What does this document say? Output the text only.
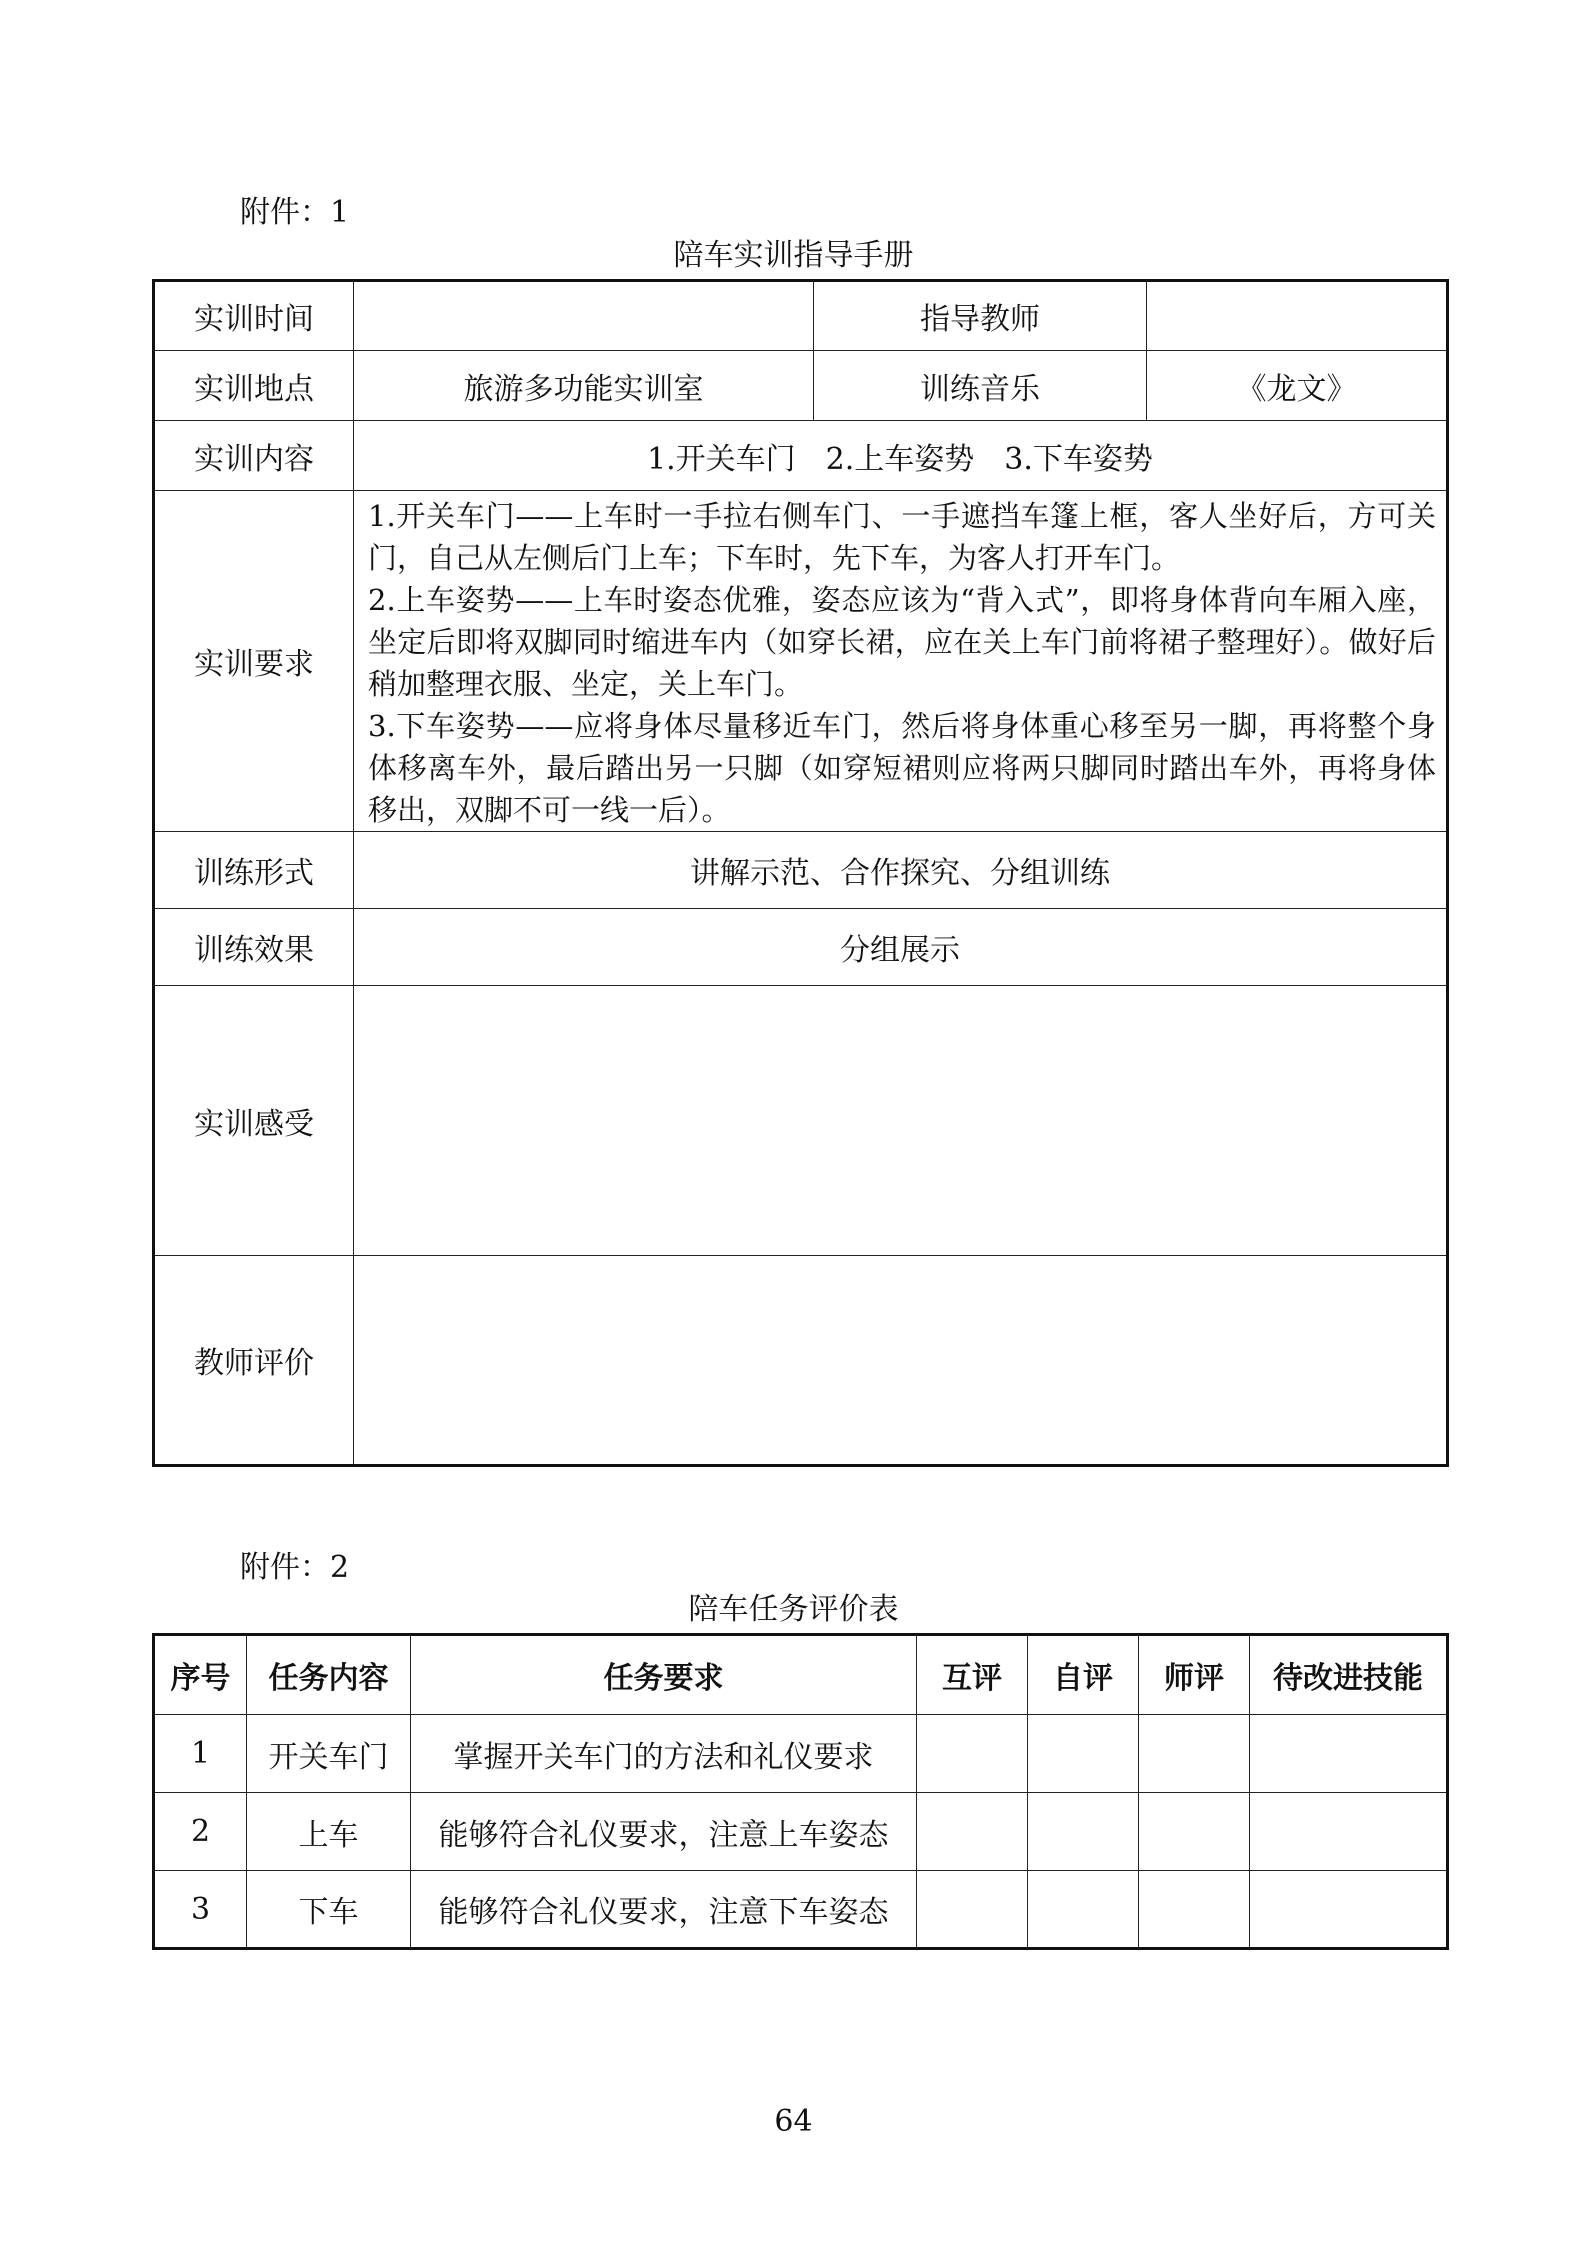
附件：1
陪车实训指导手册
实训时间		指导教师	
实训地点	旅游多功能实训室	训练音乐	《龙文》
实训内容	1.开关车门　2.上车姿势　3.下车姿势		
实训要求	1.开关车门——上车时一手拉右侧车门、一手遮挡车篷上框，客人坐好后，方可关门，自己从左侧后门上车；下车时，先下车，为客人打开车门。

2.上车姿势——上车时姿态优雅，姿态应该为“背入式”，即将身体背向车厢入座，坐定后即将双脚同时缩进车内（如穿长裙，应在关上车门前将裙子整理好）。做好后稍加整理衣服、坐定，关上车门。

3.下车姿势——应将身体尽量移近车门，然后将身体重心移至另一脚，再将整个身体移离车外，最后踏出另一只脚（如穿短裙则应将两只脚同时踏出车外，再将身体移出，双脚不可一线一后）。		

训练形式	讲解示范、合作探究、分组训练		
训练效果	分组展示		
实训感受			
教师评价			
附件：2
陪车任务评价表
序号	任务内容	任务要求	互评	自评	师评	待改进技能
1	开关车门	掌握开关车门的方法和礼仪要求				
2	上车	能够符合礼仪要求，注意上车姿态				
3	下车	能够符合礼仪要求，注意下车姿态				
64
